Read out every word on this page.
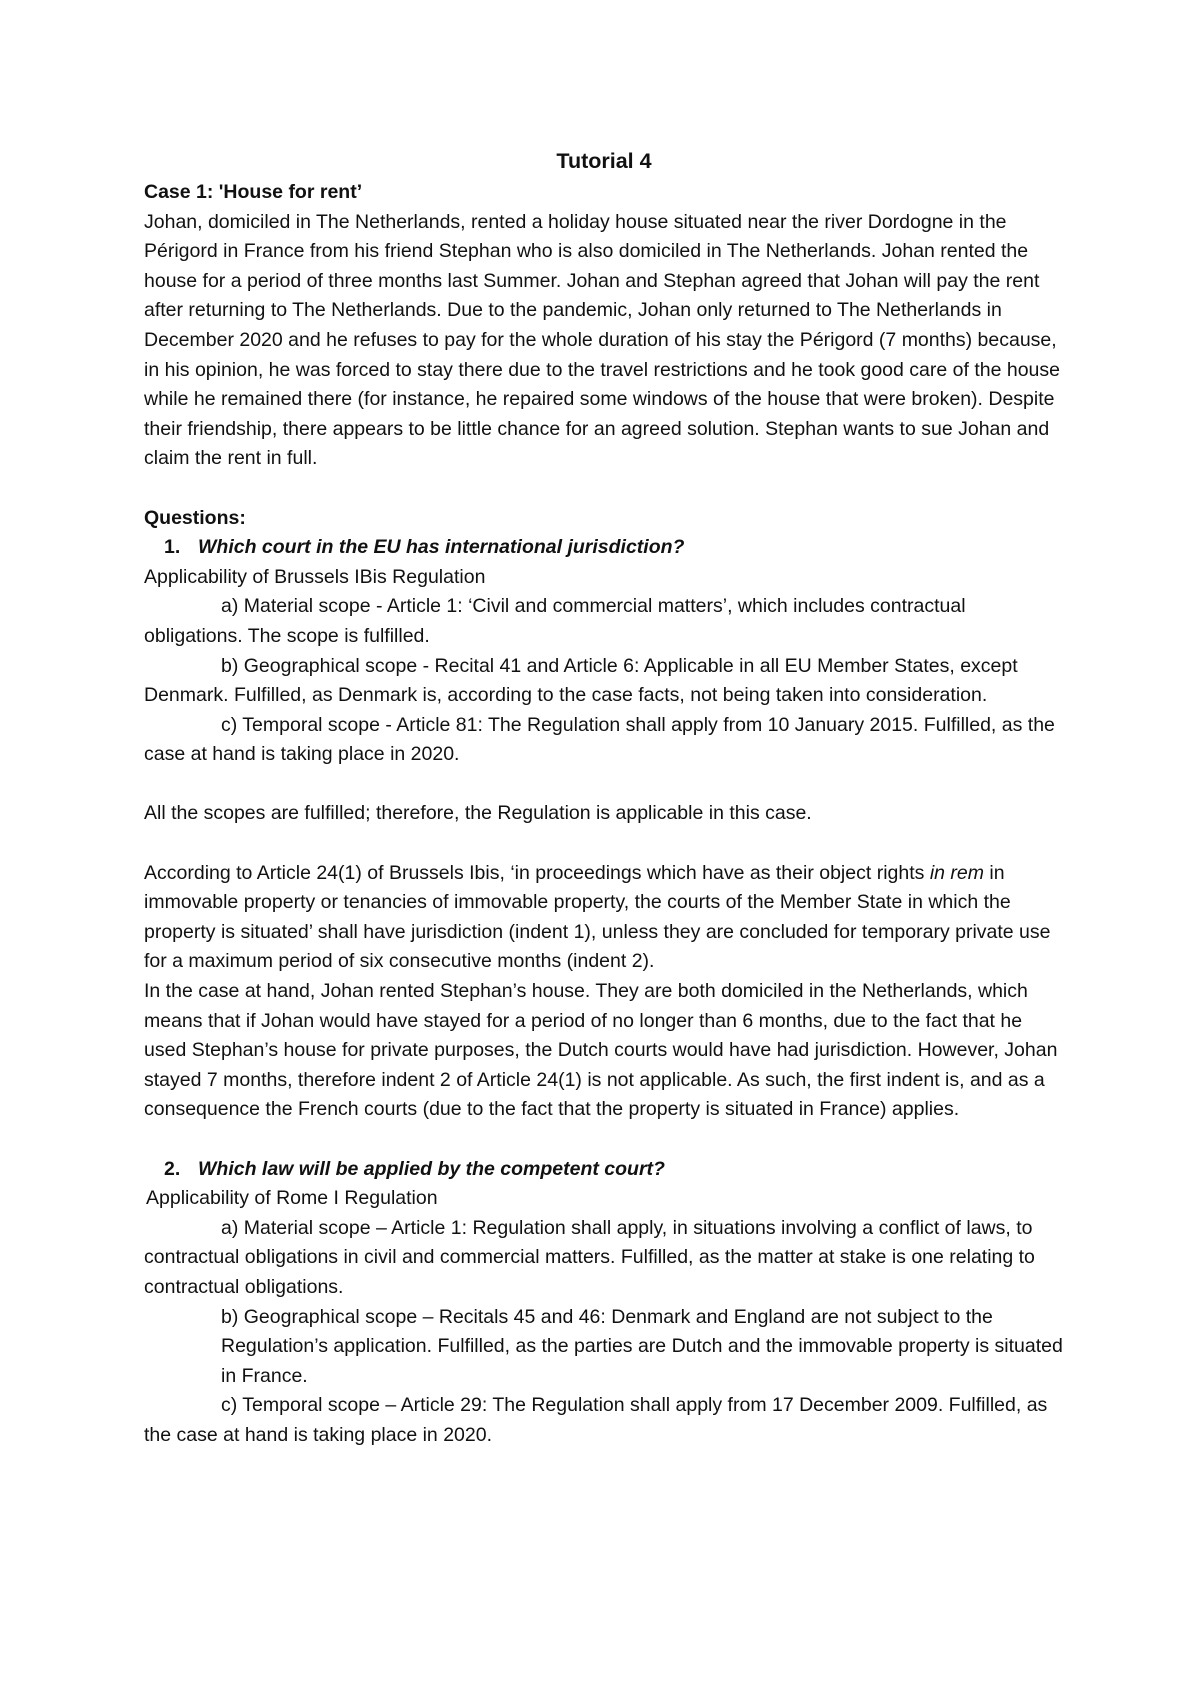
Tutorial 4

Case 1: 'House for rent’

Johan, domiciled in The Netherlands, rented a holiday house situated near the river Dordogne in the Périgord in France from his friend Stephan who is also domiciled in The Netherlands. Johan rented the house for a period of three months last Summer. Johan and Stephan agreed that Johan will pay the rent after returning to The Netherlands. Due to the pandemic, Johan only returned to The Netherlands in December 2020 and he refuses to pay for the whole duration of his stay the Périgord (7 months) because, in his opinion, he was forced to stay there due to the travel restrictions and he took good care of the house while he remained there (for instance, he repaired some windows of the house that were broken). Despite their friendship, there appears to be little chance for an agreed solution. Stephan wants to sue Johan and claim the rent in full.

Questions:

1. Which court in the EU has international jurisdiction?

Applicability of Brussels IBis Regulation

a) Material scope - Article 1: ‘Civil and commercial matters’, which includes contractual obligations. The scope is fulfilled.

b) Geographical scope - Recital 41 and Article 6: Applicable in all EU Member States, except Denmark. Fulfilled, as Denmark is, according to the case facts, not being taken into consideration.

c) Temporal scope - Article 81: The Regulation shall apply from 10 January 2015. Fulfilled, as the case at hand is taking place in 2020.

All the scopes are fulfilled; therefore, the Regulation is applicable in this case.

According to Article 24(1) of Brussels Ibis, ‘in proceedings which have as their object rights in rem in immovable property or tenancies of immovable property, the courts of the Member State in which the property is situated’ shall have jurisdiction (indent 1), unless they are concluded for temporary private use for a maximum period of six consecutive months (indent 2).

In the case at hand, Johan rented Stephan’s house. They are both domiciled in the Netherlands, which means that if Johan would have stayed for a period of no longer than 6 months, due to the fact that he used Stephan’s house for private purposes, the Dutch courts would have had jurisdiction. However, Johan stayed 7 months, therefore indent 2 of Article 24(1) is not applicable. As such, the first indent is, and as a consequence the French courts (due to the fact that the property is situated in France) applies.

2. Which law will be applied by the competent court?

Applicability of Rome I Regulation

a) Material scope – Article 1: Regulation shall apply, in situations involving a conflict of laws, to contractual obligations in civil and commercial matters. Fulfilled, as the matter at stake is one relating to contractual obligations.

b) Geographical scope – Recitals 45 and 46: Denmark and England are not subject to the Regulation’s application. Fulfilled, as the parties are Dutch and the immovable property is situated in France.

c) Temporal scope – Article 29: The Regulation shall apply from 17 December 2009. Fulfilled, as the case at hand is taking place in 2020.
